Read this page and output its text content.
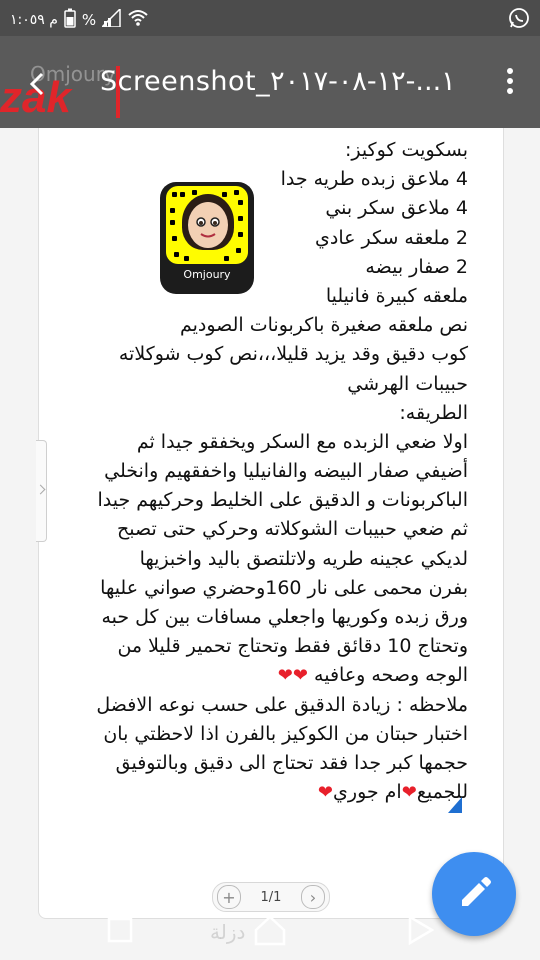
م ١:٠٥٩ %
Omjoury
zak Screenshot_١...-١٢-٠٨-٢٠١٧
Omjoury
بسكويت كوكيز:
4 ملاعق زبده طريه جدا
4 ملاعق سكر بني
2 ملعقه سكر عادي
2 صفار بيضه
ملعقه كبيرة فانيليا
نص ملعقه صغيرة باكربونات الصوديم
كوب دقيق وقد يزيد قليلا،،،نص كوب شوكلاته
حبيبات الهرشي
الطريقه:
اولا ضعي الزبده مع السكر ويخفقو جيدا ثم
أضيفي صفار البيضه والفانيليا واخفقهيم وانخلي
الباكربونات و الدقيق على الخليط وحركيهم جيدا
ثم ضعي حبيبات الشوكلاته وحركي حتى تصبح
لديكي عجينه طريه ولاتلتصق باليد واخبزيها
بفرن محمى على نار 160وحضري صواني عليها
ورق زبده وكوريها واجعلي مسافات بين كل حبه
وتحتاج 10 دقائق فقط وتحتاج تحمير قليلا من
الوجه وصحه وعافيه ❤❤
ملاحظه : زيادة الدقيق على حسب نوعه الافضل
اختبار حبتان من الكوكيز بالفرن اذا لاحظتي بان
حجمها كبر جدا فقد تحتاج الى دقيق وبالتوفيق
للجميع❤ام جوري❤
+	1/1	›
دزلة
